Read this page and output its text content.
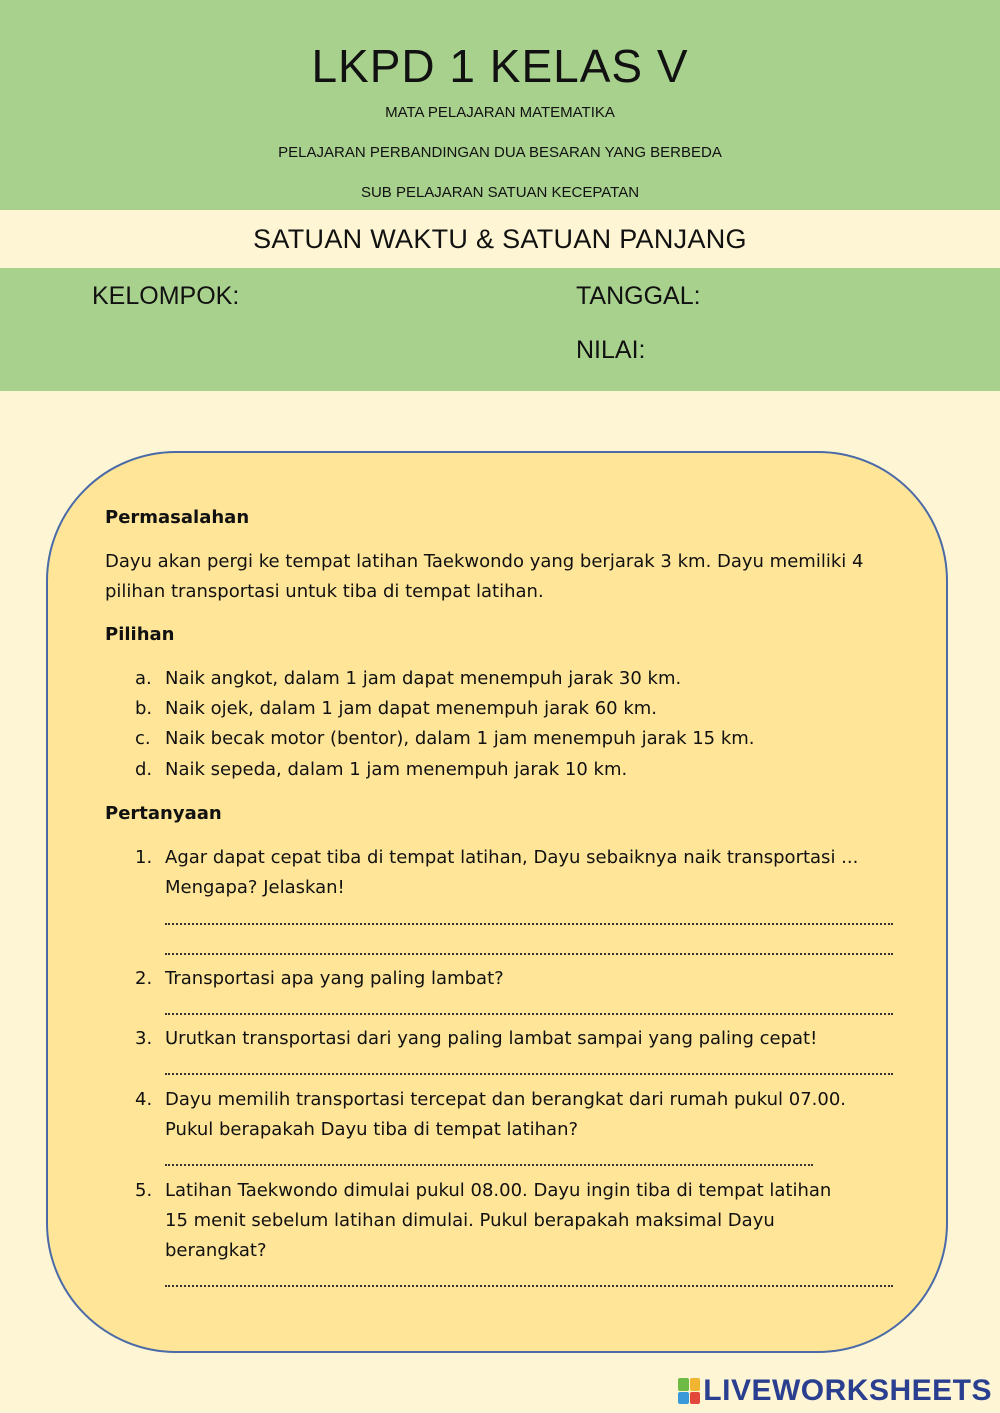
LKPD 1 KELAS V
MATA PELAJARAN MATEMATIKA
PELAJARAN PERBANDINGAN DUA BESARAN YANG BERBEDA
SUB PELAJARAN SATUAN KECEPATAN
SATUAN WAKTU & SATUAN PANJANG
KELOMPOK:	TANGGAL:
NILAI:
Permasalahan
Dayu akan pergi ke tempat latihan Taekwondo yang berjarak 3 km. Dayu memiliki 4 pilihan transportasi untuk tiba di tempat latihan.
Pilihan
a. Naik angkot, dalam 1 jam dapat menempuh jarak 30 km.
b. Naik ojek, dalam 1 jam dapat menempuh jarak 60 km.
c. Naik becak motor (bentor), dalam 1 jam menempuh jarak 15 km.
d. Naik sepeda, dalam 1 jam menempuh jarak 10 km.
Pertanyaan
1. Agar dapat cepat tiba di tempat latihan, Dayu sebaiknya naik transportasi ... Mengapa? Jelaskan!
2. Transportasi apa yang paling lambat?
3. Urutkan transportasi dari yang paling lambat sampai yang paling cepat!
4. Dayu memilih transportasi tercepat dan berangkat dari rumah pukul 07.00. Pukul berapakah Dayu tiba di tempat latihan?
5. Latihan Taekwondo dimulai pukul 08.00. Dayu ingin tiba di tempat latihan 15 menit sebelum latihan dimulai. Pukul berapakah maksimal Dayu berangkat?
LIVEWORKSHEETS
